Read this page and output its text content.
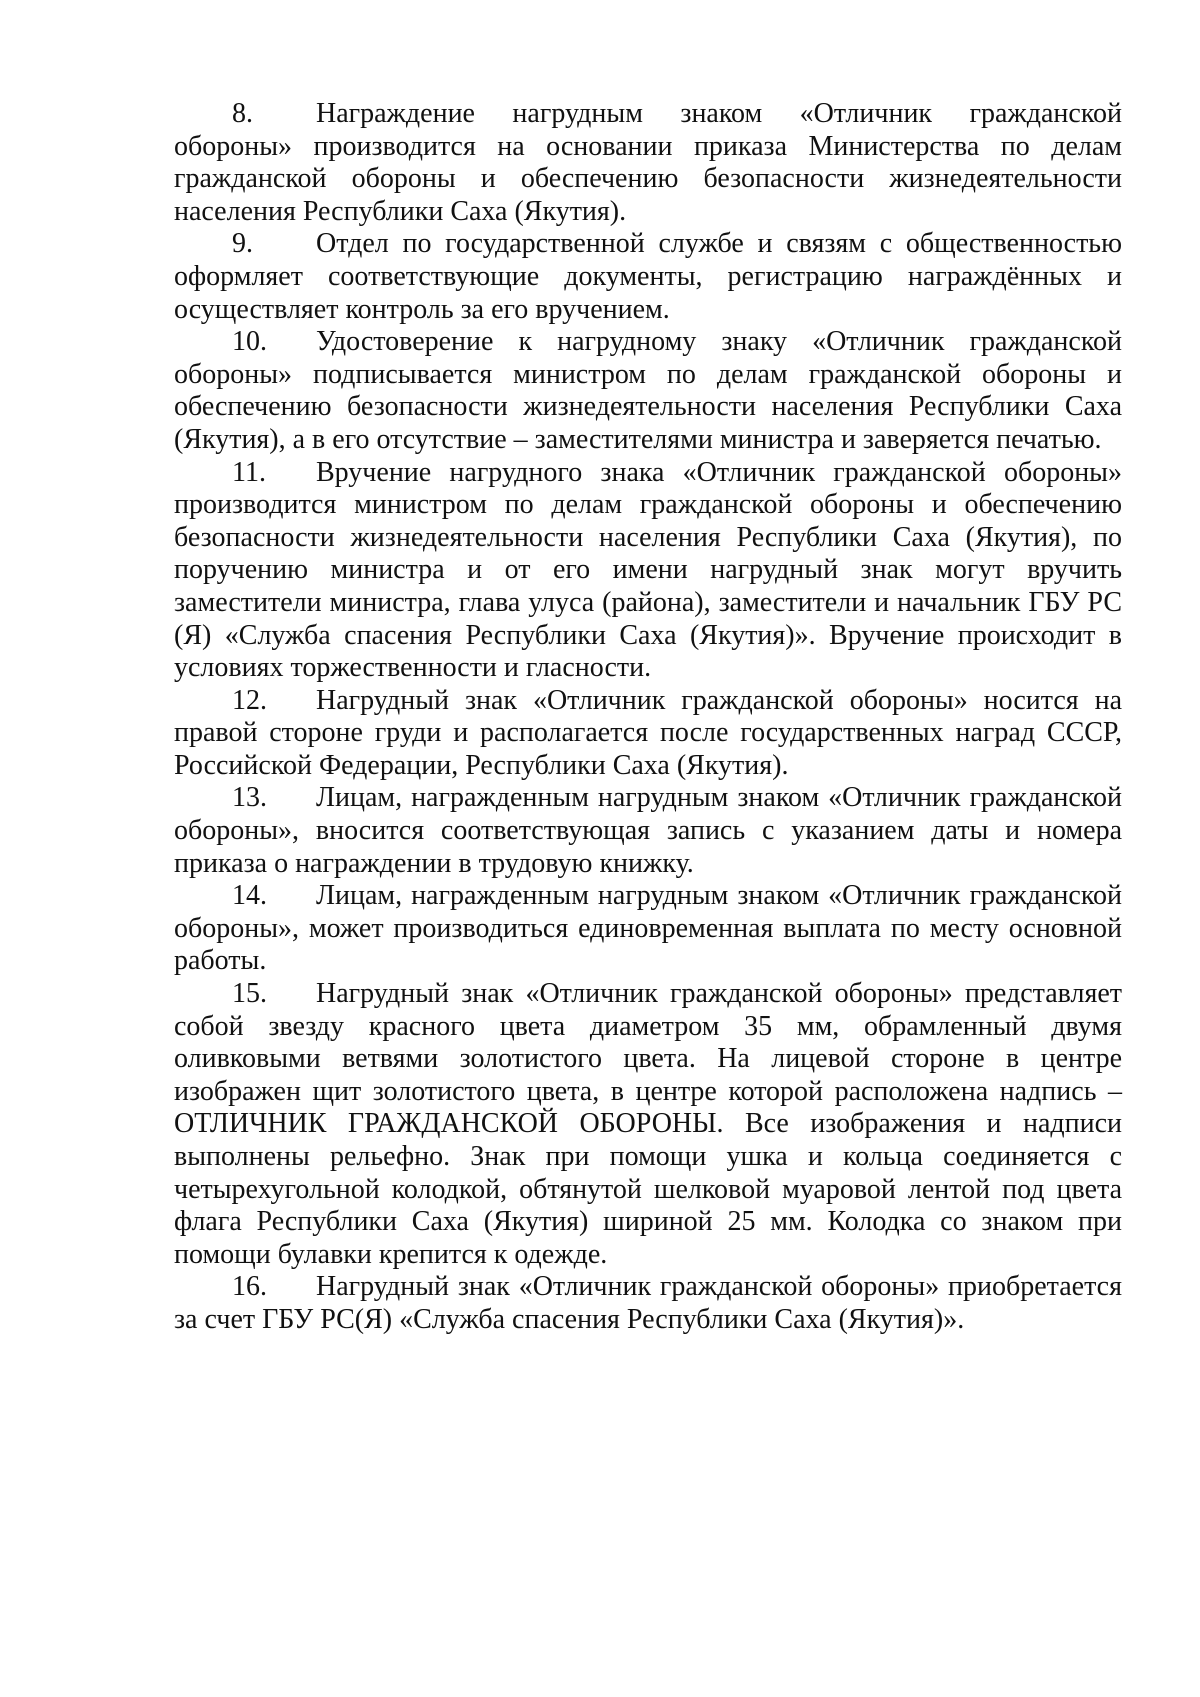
8. Награждение нагрудным знаком «Отличник гражданской обороны» производится на основании приказа Министерства по делам гражданской обороны и обеспечению безопасности жизнедеятельности населения Республики Саха (Якутия).

9. Отдел по государственной службе и связям с общественностью оформляет соответствующие документы, регистрацию награждённых и осуществляет контроль за его вручением.

10. Удостоверение к нагрудному знаку «Отличник гражданской обороны» подписывается министром по делам гражданской обороны и обеспечению безопасности жизнедеятельности населения Республики Саха (Якутия), а в его отсутствие – заместителями министра и заверяется печатью.

11. Вручение нагрудного знака «Отличник гражданской обороны» производится министром по делам гражданской обороны и обеспечению безопасности жизнедеятельности населения Республики Саха (Якутия), по поручению министра и от его имени нагрудный знак могут вручить заместители министра, глава улуса (района), заместители и начальник ГБУ РС (Я) «Служба спасения Республики Саха (Якутия)». Вручение происходит в условиях торжественности и гласности.

12. Нагрудный знак «Отличник гражданской обороны» носится на правой стороне груди и располагается после государственных наград СССР, Российской Федерации, Республики Саха (Якутия).

13. Лицам, награжденным нагрудным знаком «Отличник гражданской обороны», вносится соответствующая запись с указанием даты и номера приказа о награждении в трудовую книжку.

14. Лицам, награжденным нагрудным знаком «Отличник гражданской обороны», может производиться единовременная выплата по месту основной работы.

15. Нагрудный знак «Отличник гражданской обороны» представляет собой звезду красного цвета диаметром 35 мм, обрамленный двумя оливковыми ветвями золотистого цвета. На лицевой стороне в центре изображен щит золотистого цвета, в центре которой расположена надпись – ОТЛИЧНИК ГРАЖДАНСКОЙ ОБОРОНЫ. Все изображения и надписи выполнены рельефно. Знак при помощи ушка и кольца соединяется с четырехугольной колодкой, обтянутой шелковой муаровой лентой под цвета флага Республики Саха (Якутия) шириной 25 мм. Колодка со знаком при помощи булавки крепится к одежде.

16. Нагрудный знак «Отличник гражданской обороны» приобретается за счет ГБУ РС(Я) «Служба спасения Республики Саха (Якутия)».
